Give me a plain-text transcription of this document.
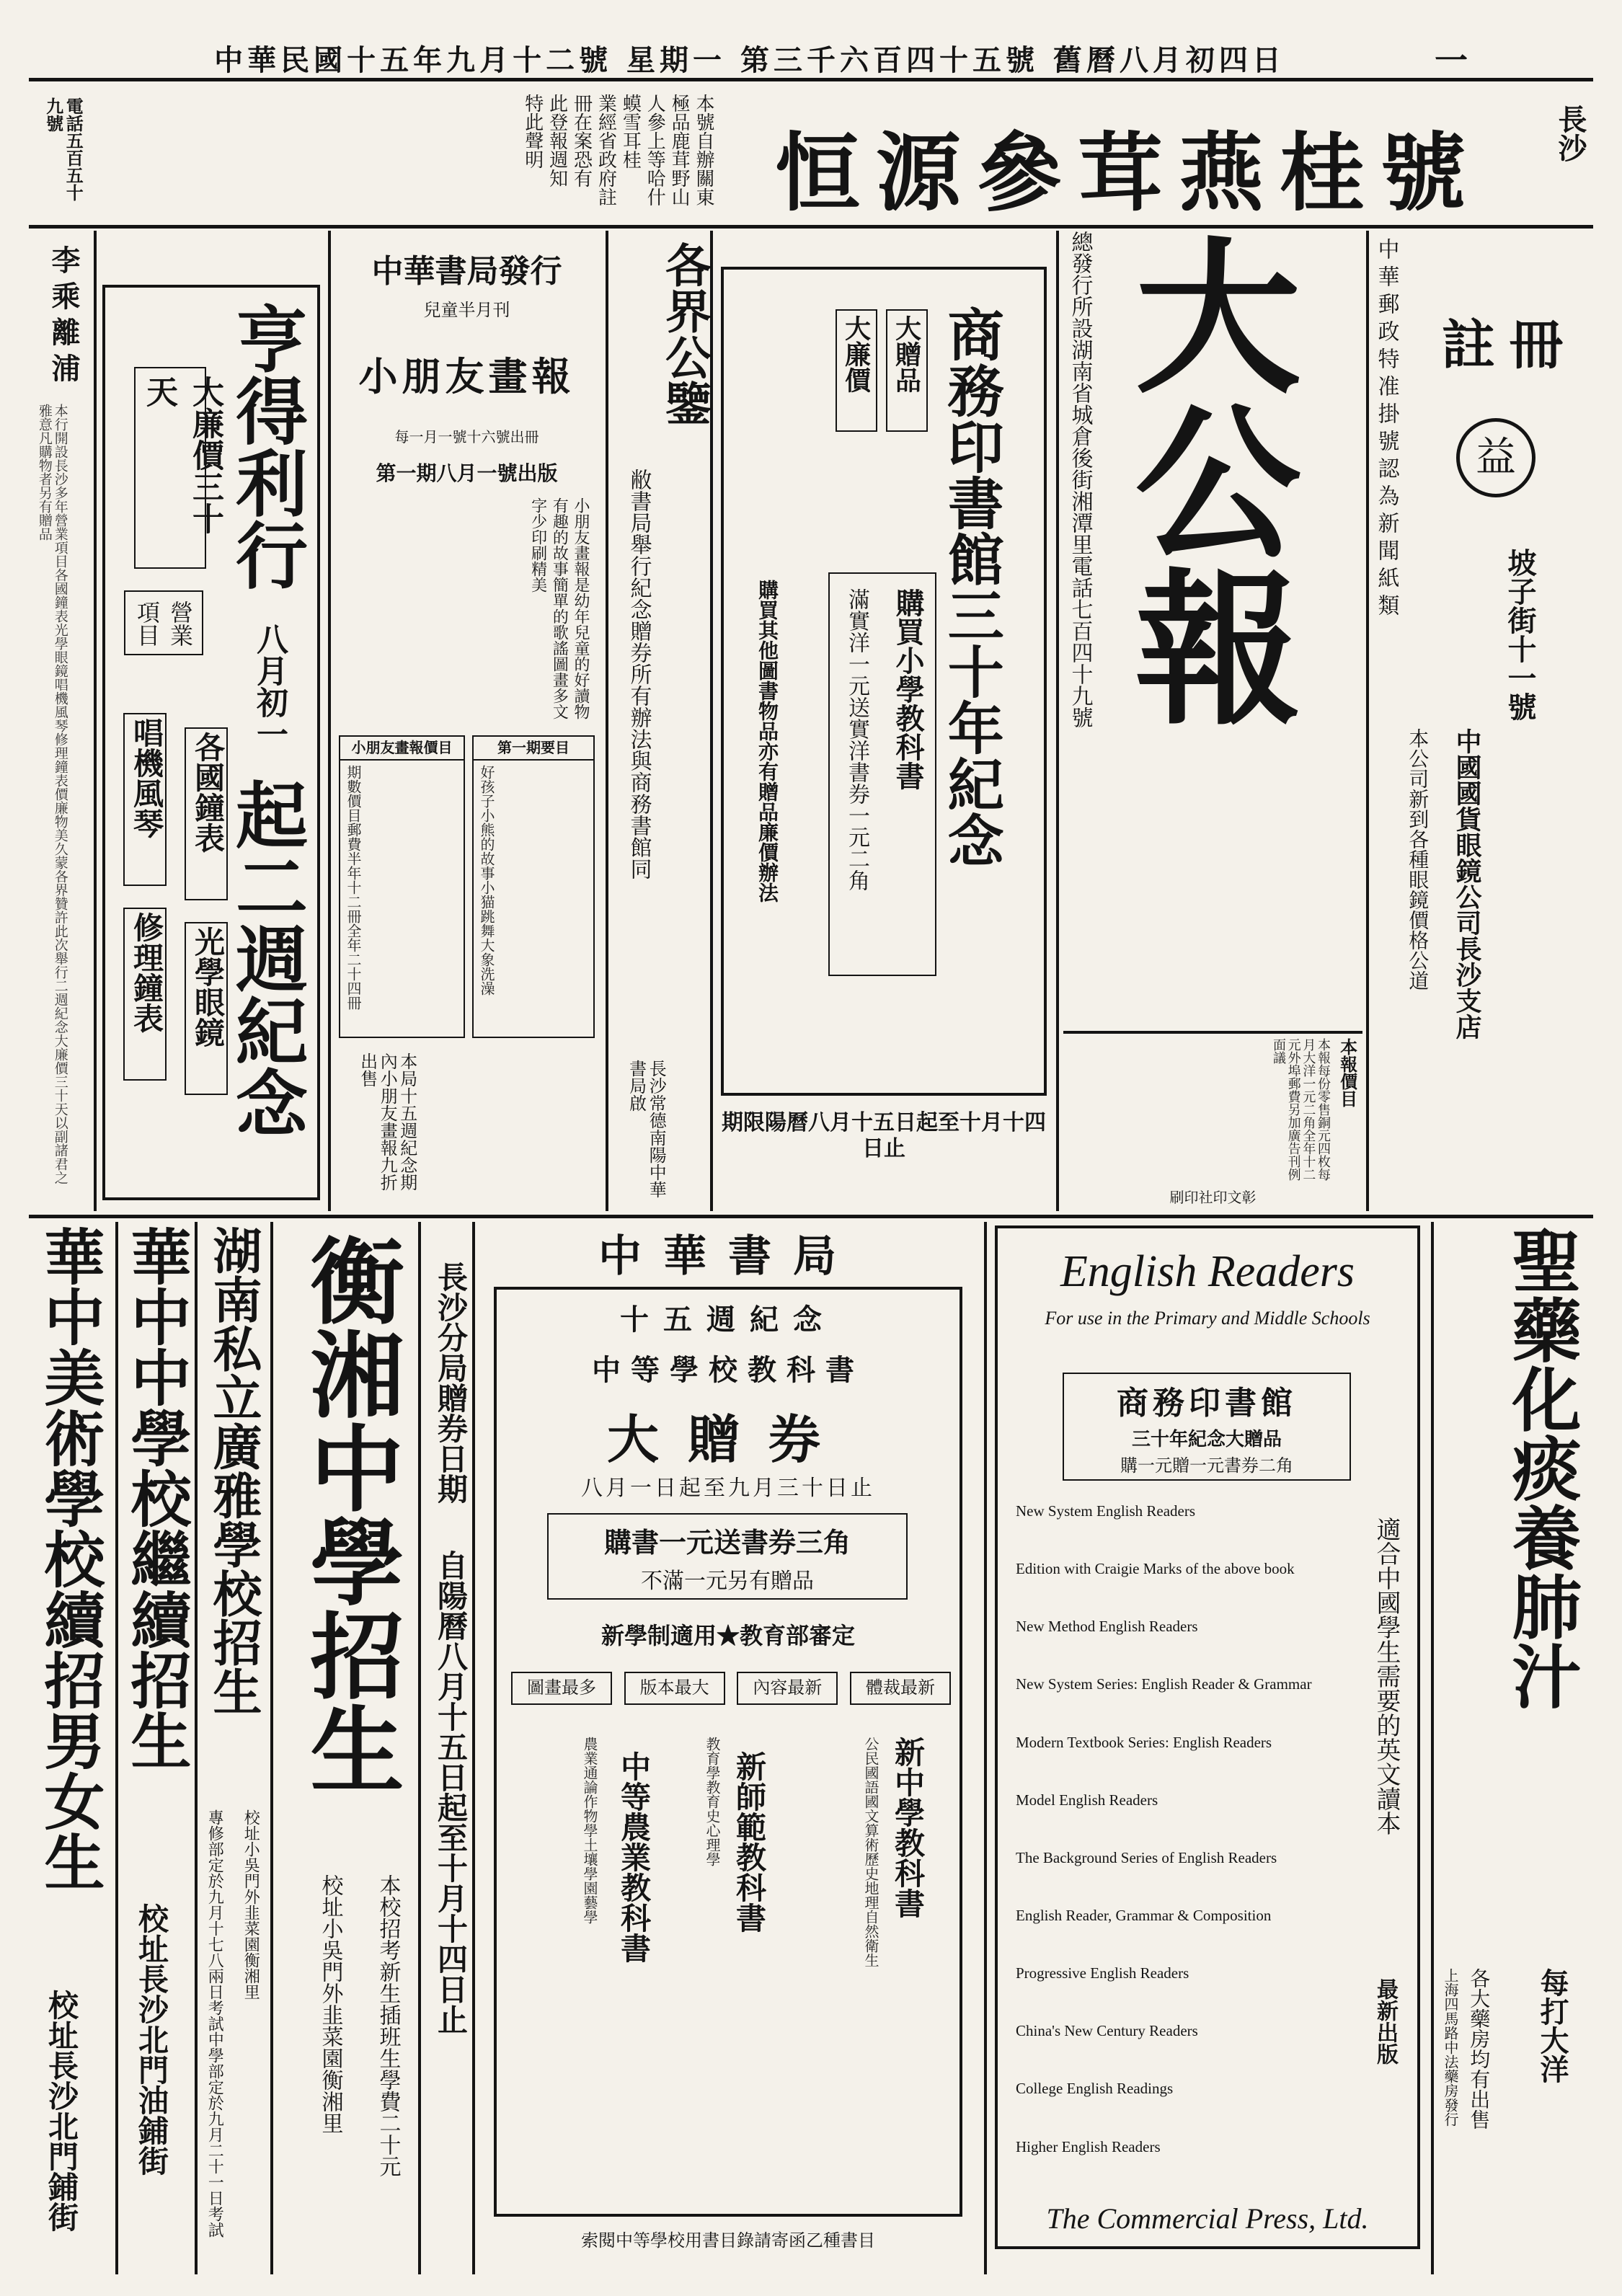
中華民國十五年九月十二號 星期一 第三千六百四十五號 舊曆八月初四日	一
長沙
恒源參茸燕桂號
本號自辦關東
極品鹿茸野山
人參上等哈什
蟆雪耳桂
業經省政府註
冊在案恐有
此登報週知
特此聲明
電話五百五十九號
李乘離浦
本行開設長沙多年營業項目各國鐘表光學眼鏡唱機風琴修理鐘表價廉物美久蒙各界贊許此次舉行二週紀念大廉價三十天以副諸君之雅意凡購物者另有贈品 亨得利行
八月初一
起二週紀念
大廉價三十天
營業項目
各國鐘表
光學眼鏡
唱機風琴
修理鐘表
中華書局發行
兒童半月刊
小朋友畫報
每一月一號十六號出冊
第一期八月一號出版
小朋友畫報是幼年兒童的好讀物有趣的故事簡單的歌謠圖畫多文字少印刷精美
第一期要目
好孩子小熊的故事小猫跳舞大象洗澡
小朋友畫報價目
期數價目郵費半年十二冊全年二十四冊
本局十五週紀念期內小朋友畫報九折出售
各界公鑒
敝書局舉行紀念贈券所有辦法與商務書館同
長沙常德南陽中華書局啟
商務印書館三十年紀念
大贈品
大廉價
購買小學教科書
滿實洋一元送實洋書券一元二角
購買其他圖書物品亦有贈品廉價辦法
期限陽曆八月十五日起至十月十四日止
大公報
總發行所設湖南省城倉後街湘潭里電話七百四十九號
本報價目
本報每份零售銅元四枚每月大洋一元二角全年十二元外埠郵費另加廣告刊例面議
刷印社印文彰
中華郵政特准掛號認為新聞紙類 註冊
益
坡子街十一號
中國國貨眼鏡公司長沙支店
本公司新到各種眼鏡價格公道
華中美術學校續招男女生
校址長沙北門鋪街
華中中學校繼續招生
校址長沙北門油鋪街
湖南私立廣雅學校招生
專修部定於九月十七八兩日考試中學部定於九月二十一日考試 校址小吳門外韭菜園衡湘里
衡湘中學招生
本校招考新生插班生學費二十元
校址小吳門外韭菜園衡湘里
長沙分局贈券日期
自陽曆八月十五日起至十月十四日止
中華書局
十五週紀念
中等學校教科書
大贈券
八月一日起至九月三十日止
購書一元送書券三角
不滿一元另有贈品
新學制適用★教育部審定
體裁最新
內容最新
版本最大
圖畫最多
新中學教科書
公民國語國文算術歷史地理自然衛生
新師範教科書
教育學教育史心理學
中等農業教科書
農業通論作物學土壤學園藝學
索閱中等學校用書目錄請寄函乙種書目
English Readers
For use in the Primary and Middle Schools
商務印書館
三十年紀念大贈品
購一元贈一元書券二角
New System English Readers
Edition with Craigie Marks of the above book
New Method English Readers
New System Series: English Reader & Grammar
Modern Textbook Series: English Readers
Model English Readers
The Background Series of English Readers
English Reader, Grammar & Composition
Progressive English Readers
China's New Century Readers
College English Readings
Higher English Readers
適合中國學生需要的英文讀本
最新出版
The Commercial Press, Ltd.
聖藥化痰養肺汁
各大藥房均有出售 每打大洋
上海四馬路中法藥房發行
